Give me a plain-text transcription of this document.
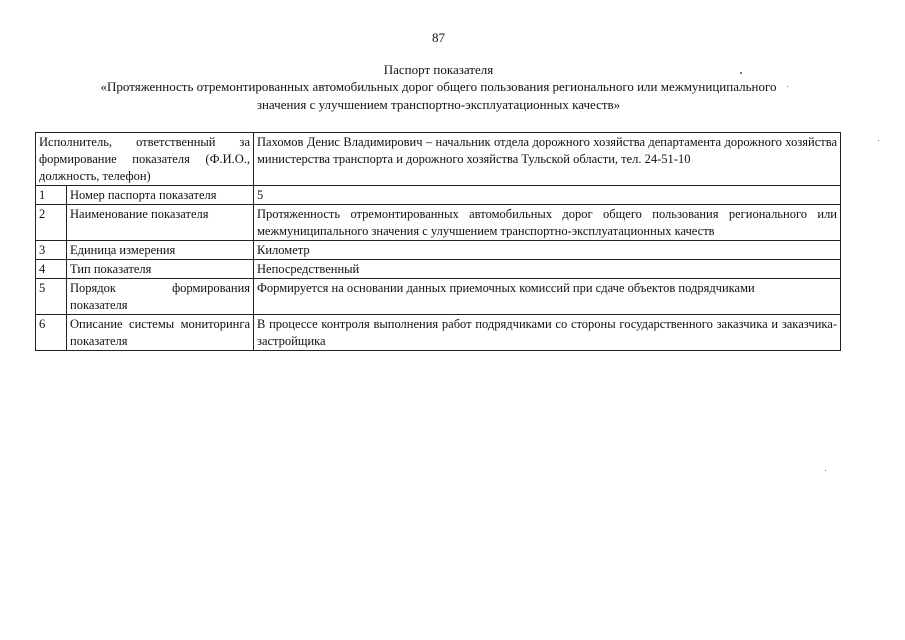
87
Паспорт показателя
«Протяженность отремонтированных автомобильных дорог общего пользования регионального или межмуниципального значения с улучшением транспортно-эксплуатационных качеств»
Исполнитель, ответственный за формирование показателя (Ф.И.О., должность, телефон)		Пахомов Денис Владимирович – начальник отдела дорожного хозяйства департамента дорожного хозяйства министерства транспорта и дорожного хозяйства Тульской области, тел. 24-51-10
1	Номер паспорта показателя	5
2	Наименование показателя	Протяженность отремонтированных автомобильных дорог общего пользования регионального или межмуниципального значения с улучшением транспортно-эксплуатационных качеств
3	Единица измерения	Километр
4	Тип показателя	Непосредственный
5	Порядок формирования показателя	Формируется на основании данных приемочных комиссий при сдаче объектов подрядчиками
6	Описание системы мониторинга показателя	В процессе контроля выполнения работ подрядчиками со стороны государственного заказчика и заказчика-застройщика
